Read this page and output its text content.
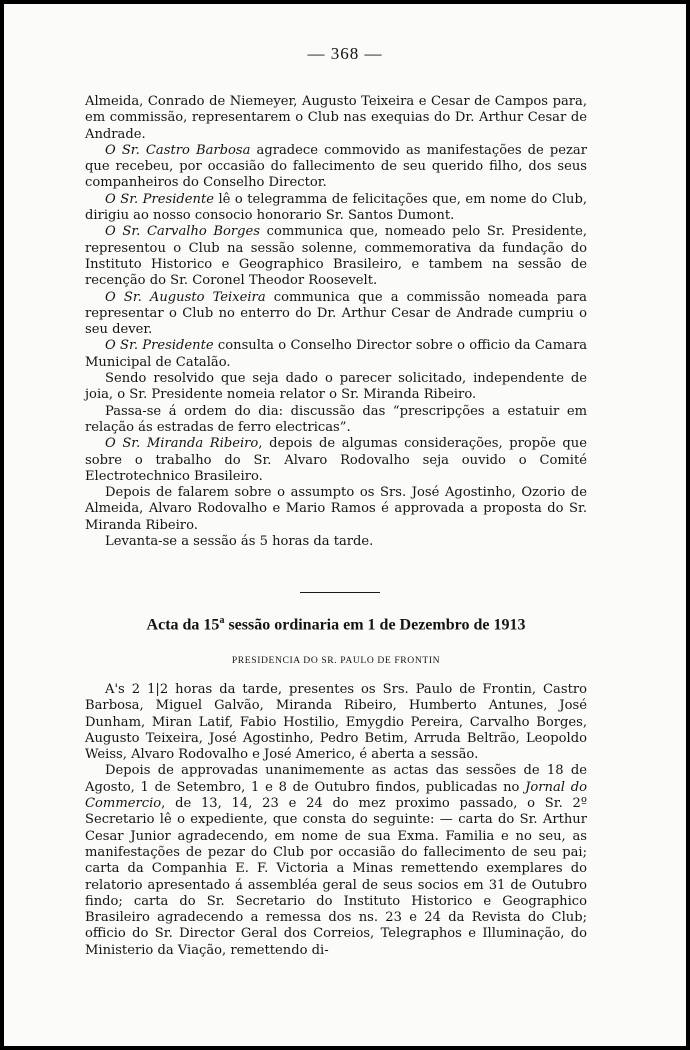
— 368 —

Almeida, Conrado de Niemeyer, Augusto Teixeira e Cesar de Campos para, em commissão, representarem o Club nas exequias do Dr. Arthur Cesar de Andrade.

O Sr. Castro Barbosa agradece commovido as manifestações de pezar que recebeu, por occasião do fallecimento de seu querido filho, dos seus companheiros do Conselho Director.

O Sr. Presidente lê o telegramma de felicitações que, em nome do Club, dirigiu ao nosso consocio honorario Sr. Santos Dumont.

O Sr. Carvalho Borges communica que, nomeado pelo Sr. Presidente, representou o Club na sessão solenne, commemorativa da fundação do Instituto Historico e Geographico Brasileiro, e tambem na sessão de recenção do Sr. Coronel Theodor Roosevelt.

O Sr. Augusto Teixeira communica que a commissão nomeada para representar o Club no enterro do Dr. Arthur Cesar de Andrade cumpriu o seu dever.

O Sr. Presidente consulta o Conselho Director sobre o officio da Camara Municipal de Catalão.

Sendo resolvido que seja dado o parecer solicitado, independente de joia, o Sr. Presidente nomeia relator o Sr. Miranda Ribeiro.

Passa-se á ordem do dia: discussão das “prescripções a estatuir em relação ás estradas de ferro electricas”.

O Sr. Miranda Ribeiro, depois de algumas considerações, propõe que sobre o trabalho do Sr. Alvaro Rodovalho seja ouvido o Comité Electrotechnico Brasileiro.

Depois de falarem sobre o assumpto os Srs. José Agostinho, Ozorio de Almeida, Alvaro Rodovalho e Mario Ramos é approvada a proposta do Sr. Miranda Ribeiro.

Levanta-se a sessão ás 5 horas da tarde.

Acta da 15$^a$ sessão ordinaria em 1 de Dezembro de 1913
PRESIDENCIA DO SR. PAULO DE FRONTIN

A's 2 1|2 horas da tarde, presentes os Srs. Paulo de Frontin, Castro Barbosa, Miguel Galvão, Miranda Ribeiro, Humberto Antunes, José Dunham, Miran Latif, Fabio Hostilio, Emygdio Pereira, Carvalho Borges, Augusto Teixeira, José Agostinho, Pedro Betim, Arruda Beltrão, Leopoldo Weiss, Alvaro Rodovalho e José Americo, é aberta a sessão.

Depois de approvadas unanimemente as actas das sessões de 18 de Agosto, 1 de Setembro, 1 e 8 de Outubro findos, publicadas no Jornal do Commercio, de 13, 14, 23 e 24 do mez proximo passado, o Sr. 2º Secretario lê o expediente, que consta do seguinte: — carta do Sr. Arthur Cesar Junior agradecendo, em nome de sua Exma. Familia e no seu, as manifestações de pezar do Club por occasião do fallecimento de seu pai; carta da Companhia E. F. Victoria a Minas remettendo exemplares do relatorio apresentado á assembléa geral de seus socios em 31 de Outubro findo; carta do Sr. Secretario do Instituto Historico e Geographico Brasileiro agradecendo a remessa dos ns. 23 e 24 da Revista do Club; officio do Sr. Director Geral dos Correios, Telegraphos e Illuminação, do Ministerio da Viação, remettendo di-
